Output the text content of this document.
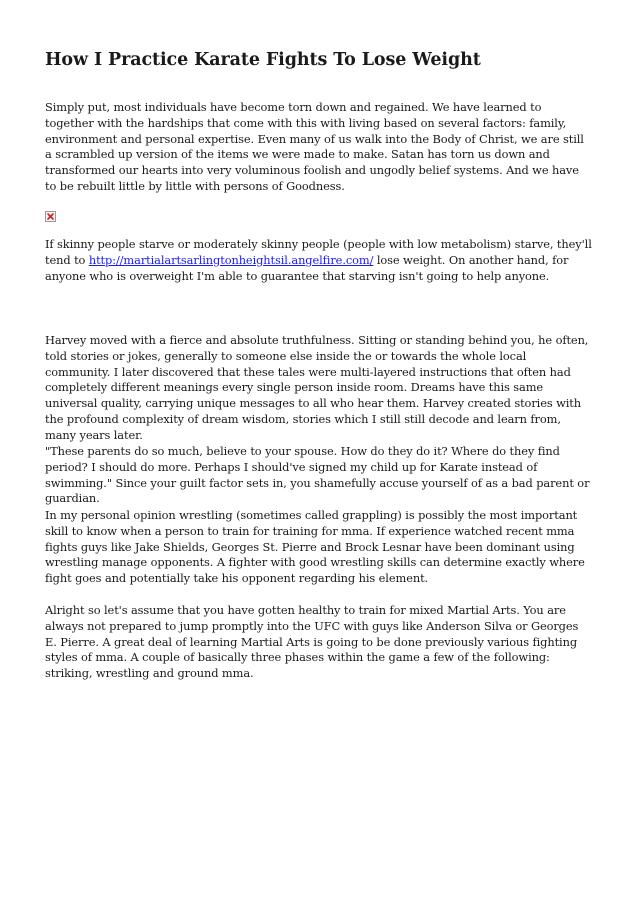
How I Practice Karate Fights To Lose Weight

Simply put, most individuals have become torn down and regained. We have learned to together with the hardships that come with this with living based on several factors: family, environment and personal expertise. Even many of us walk into the Body of Christ, we are still a scrambled up version of the items we were made to make. Satan has torn us down and transformed our hearts into very voluminous foolish and ungodly belief systems. And we have to be rebuilt little by little with persons of Goodness.

If skinny people starve or moderately skinny people (people with low metabolism) starve, they'll tend to http://martialartsarlingtonheightsil.angelfire.com/ lose weight. On another hand, for anyone who is overweight I'm able to guarantee that starving isn't going to help anyone.

Harvey moved with a fierce and absolute truthfulness. Sitting or standing behind you, he often, told stories or jokes, generally to someone else inside the or towards the whole local community. I later discovered that these tales were multi-layered instructions that often had completely different meanings every single person inside room. Dreams have this same universal quality, carrying unique messages to all who hear them. Harvey created stories with the profound complexity of dream wisdom, stories which I still still decode and learn from, many years later.

"These parents do so much, believe to your spouse. How do they do it? Where do they find period? I should do more. Perhaps I should've signed my child up for Karate instead of swimming." Since your guilt factor sets in, you shamefully accuse yourself of as a bad parent or guardian.

In my personal opinion wrestling (sometimes called grappling) is possibly the most important skill to know when a person to train for training for mma. If experience watched recent mma fights guys like Jake Shields, Georges St. Pierre and Brock Lesnar have been dominant using wrestling manage opponents. A fighter with good wrestling skills can determine exactly where fight goes and potentially take his opponent regarding his element.

Alright so let's assume that you have gotten healthy to train for mixed Martial Arts. You are always not prepared to jump promptly into the UFC with guys like Anderson Silva or Georges E. Pierre. A great deal of learning Martial Arts is going to be done previously various fighting styles of mma. A couple of basically three phases within the game a few of the following: striking, wrestling and ground mma.
